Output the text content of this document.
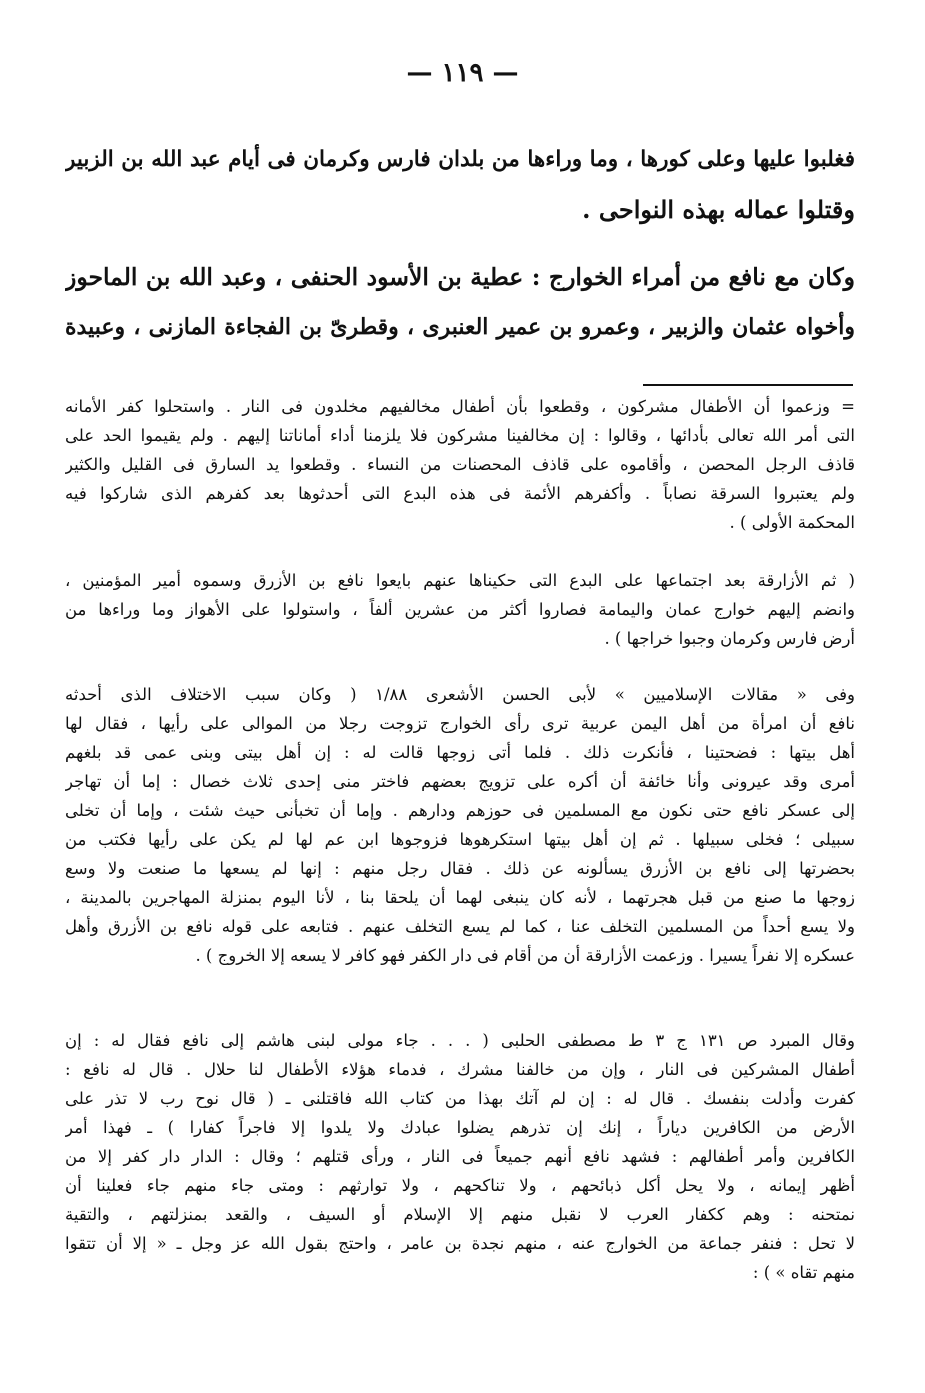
— ١١٩ —
فغلبوا عليها وعلى كورها ، وما وراءها من بلدان فارس وكرمان فى أيام عبد الله بن الزبير
وقتلوا عماله بهذه النواحى .
وكان مع نافع من أمراء الخوارج : عطية بن الأسود الحنفى ، وعبد الله بن الماحوز
وأخواه عثمان والزبير ، وعمرو بن عمير العنبرى ، وقطرىّ بن الفجاءة المازنى ، وعبيدة
= وزعموا أن الأطفال مشركون ، وقطعوا بأن أطفال مخالفيهم مخلدون فى النار . واستحلوا كفر الأمانه
التى أمر الله تعالى بأدائها ، وقالوا : إن مخالفينا مشركون فلا يلزمنا أداء أماناتنا إليهم . ولم يقيموا الحد على
قاذف الرجل المحصن ، وأقاموه على قاذف المحصنات من النساء . وقطعوا يد السارق فى القليل والكثير
ولم يعتبروا السرقة نصاباً . وأكفرهم الأئمة فى هذه البدع التى أحدثوها بعد كفرهم الذى شاركوا فيه
المحكمة الأولى ) .
( ثم الأزارقة بعد اجتماعها على البدع التى حكيناها عنهم بايعوا نافع بن الأزرق وسموه أمير المؤمنين ،
وانضم إليهم خوارج عمان واليمامة فصاروا أكثر من عشرين ألفاً ، واستولوا على الأهواز وما وراءها من
أرض فارس وكرمان وجبوا خراجها ) .
وفى « مقالات الإسلاميين » لأبى الحسن الأشعرى ١/٨٨ ( وكان سبب الاختلاف الذى أحدثه
نافع أن امرأة من أهل اليمن عربية ترى رأى الخوارج تزوجت رجلا من الموالى على رأيها ، فقال لها
أهل بيتها : فضحتينا ، فأنكرت ذلك . فلما أتى زوجها قالت له : إن أهل بيتى وبنى عمى قد بلغهم
أمرى وقد عيرونى وأنا خائفة أن أكره على تزويج بعضهم فاختر منى إحدى ثلاث خصال : إما أن تهاجر
إلى عسكر نافع حتى نكون مع المسلمين فى حوزهم ودارهم . وإما أن تخبأنى حيث شئت ، وإما أن تخلى
سبيلى ؛ فخلى سبيلها . ثم إن أهل بيتها استكرهوها فزوجوها ابن عم لها لم يكن على رأيها فكتب من
بحضرتها إلى نافع بن الأزرق يسألونه عن ذلك . فقال رجل منهم : إنها لم يسعها ما صنعت ولا وسع
زوجها ما صنع من قبل هجرتهما ، لأنه كان ينبغى لهما أن يلحقا بنا ، لأنا اليوم بمنزلة المهاجرين بالمدينة ،
ولا يسع أحداً من المسلمين التخلف عنا ، كما لم يسع التخلف عنهم . فتابعه على قوله نافع بن الأزرق وأهل
عسكره إلا نفراً يسيرا . وزعمت الأزارقة أن من أقام فى دار الكفر فهو كافر لا يسعه إلا الخروج ) .
وقال المبرد ص ١٣١ ج ٣ ط مصطفى الحلبى ( . . . جاء مولى لبنى هاشم إلى نافع فقال له : إن
أطفال المشركين فى النار ، وإن من خالفنا مشرك ، فدماء هؤلاء الأطفال لنا حلال . قال له نافع :
كفرت وأدلت بنفسك . قال له : إن لم آتك بهذا من كتاب الله فاقتلنى ـ ( قال نوح رب لا تذر على
الأرض من الكافرين دياراً ، إنك إن تذرهم يضلوا عبادك ولا يلدوا إلا فاجراً كفارا ) ـ فهذا أمر
الكافرين وأمر أطفالهم : فشهد نافع أنهم جميعاً فى النار ، ورأى قتلهم ؛ وقال : الدار دار كفر إلا من
أظهر إيمانه ، ولا يحل أكل ذبائحهم ، ولا تناكحهم ، ولا توارثهم : ومتى جاء منهم جاء فعلينا أن
نمتحنه : وهم ككفار العرب لا نقبل منهم إلا الإسلام أو السيف ، والقعد بمنزلتهم ، والتقية
لا تحل : فنفر جماعة من الخوارج عنه ، منهم نجدة بن عامر ، واحتج بقول الله عز وجل ـ « إلا أن تتقوا
منهم تقاه » ) :
